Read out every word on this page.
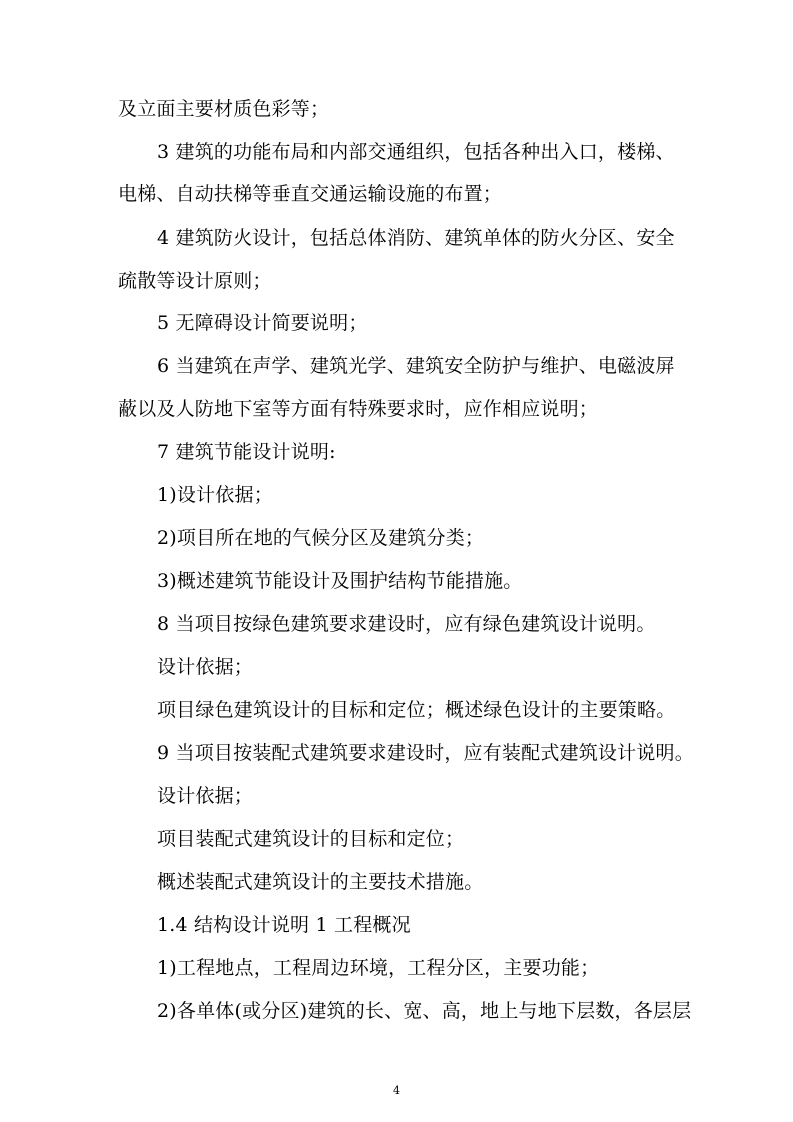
及立面主要材质色彩等；
3 建筑的功能布局和内部交通组织，包括各种出入口，楼梯、
电梯、自动扶梯等垂直交通运输设施的布置；
4 建筑防火设计，包括总体消防、建筑单体的防火分区、安全
疏散等设计原则；
5 无障碍设计简要说明；
6 当建筑在声学、建筑光学、建筑安全防护与维护、电磁波屏
蔽以及人防地下室等方面有特殊要求时，应作相应说明；
7 建筑节能设计说明:
1)设计依据；
2)项目所在地的气候分区及建筑分类；
3)概述建筑节能设计及围护结构节能措施。
8 当项目按绿色建筑要求建设时，应有绿色建筑设计说明。
设计依据；
项目绿色建筑设计的目标和定位；概述绿色设计的主要策略。
9 当项目按装配式建筑要求建设时，应有装配式建筑设计说明。
设计依据；
项目装配式建筑设计的目标和定位；
概述装配式建筑设计的主要技术措施。
1.4 结构设计说明 1 工程概况
1)工程地点，工程周边环境，工程分区，主要功能；
2)各单体(或分区)建筑的长、宽、高，地上与地下层数，各层层
4
